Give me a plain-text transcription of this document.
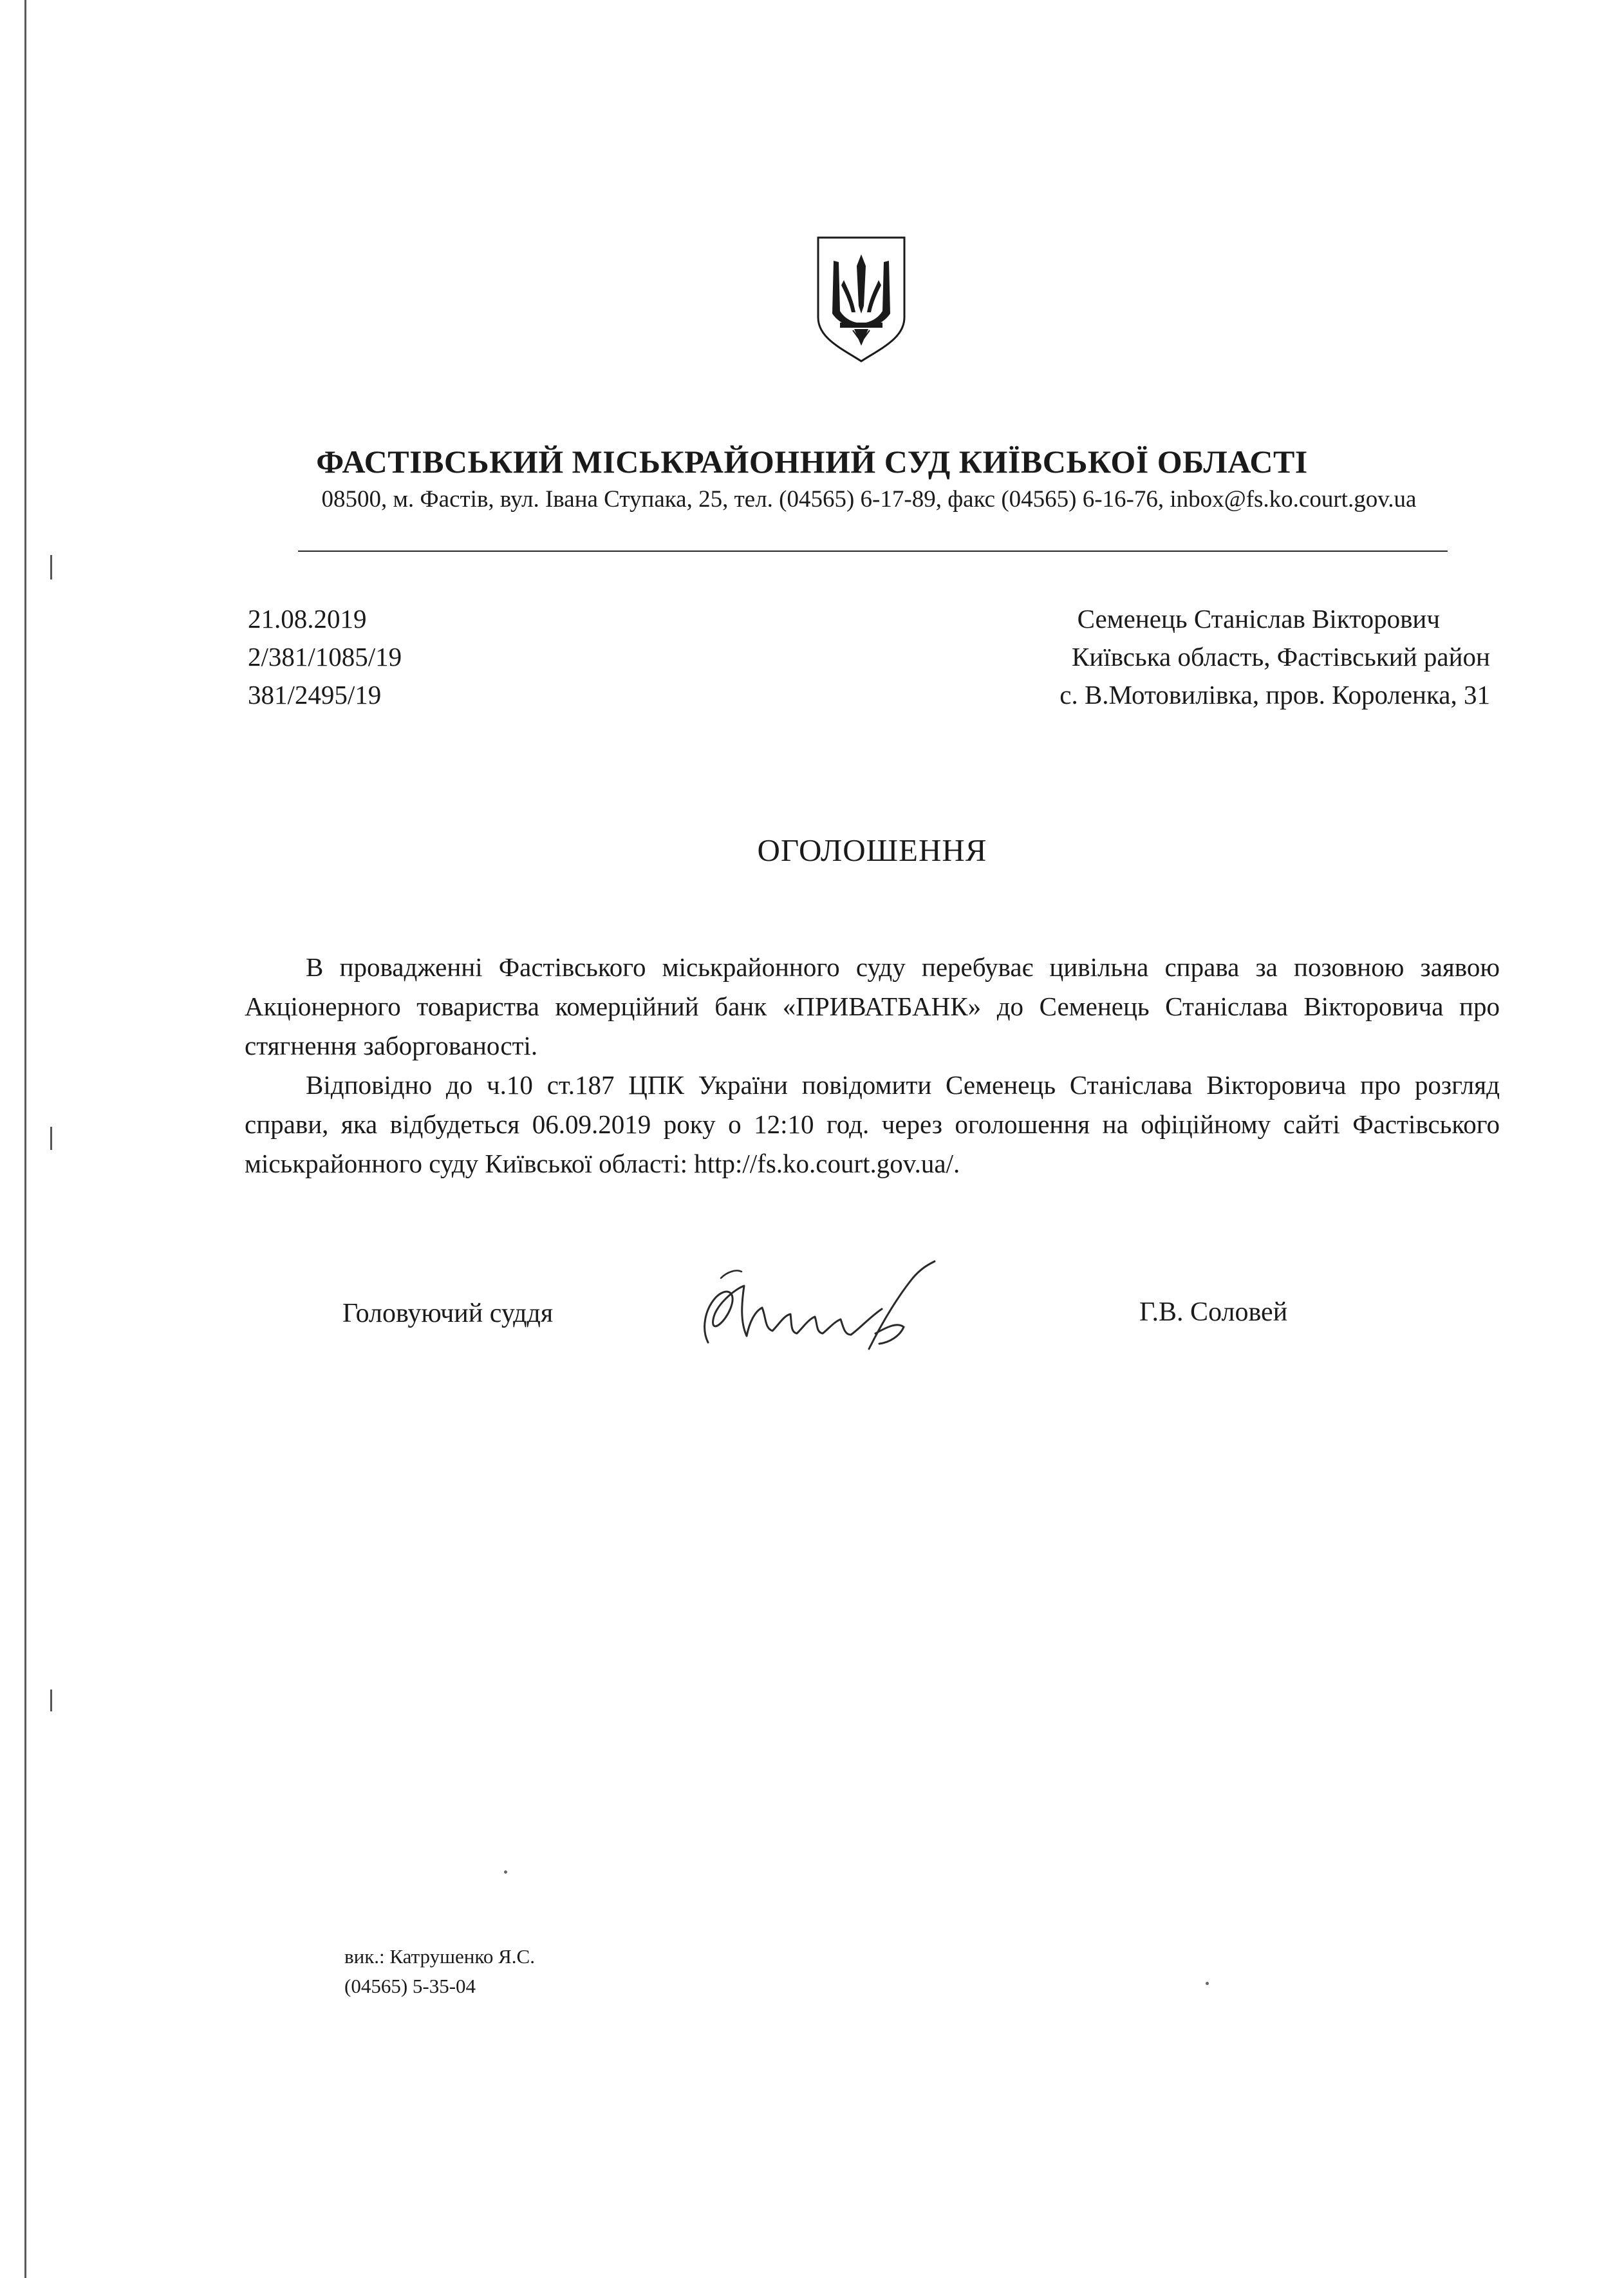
ФАСТІВСЬКИЙ МІСЬКРАЙОННИЙ СУД КИЇВСЬКОЇ ОБЛАСТІ
08500, м. Фастів, вул. Івана Ступака, 25, тел. (04565) 6-17-89, факс (04565) 6-16-76, inbox@fs.ko.court.gov.ua
21.08.2019
2/381/1085/19
381/2495/19
Семенець Станіслав Вікторович
Київська область, Фастівський район
с. В.Мотовилівка, пров. Короленка, 31
ОГОЛОШЕННЯ

В провадженні Фастівського міськрайонного суду перебуває цивільна справа за позовною заявою Акціонерного товариства комерційний банк «ПРИВАТБАНК» до Семенець Станіслава Вікторовича про стягнення заборгованості.

Відповідно до ч.10 ст.187 ЦПК України повідомити Семенець Станіслава Вікторовича про розгляд справи, яка відбудеться 06.09.2019 року о 12:10 год. через оголошення на офіційному сайті Фастівського міськрайонного суду Київської області: http://fs.ko.court.gov.ua/.

Головуючий суддя	Г.В. Соловей
вик.: Катрушенко Я.С.
(04565) 5-35-04
